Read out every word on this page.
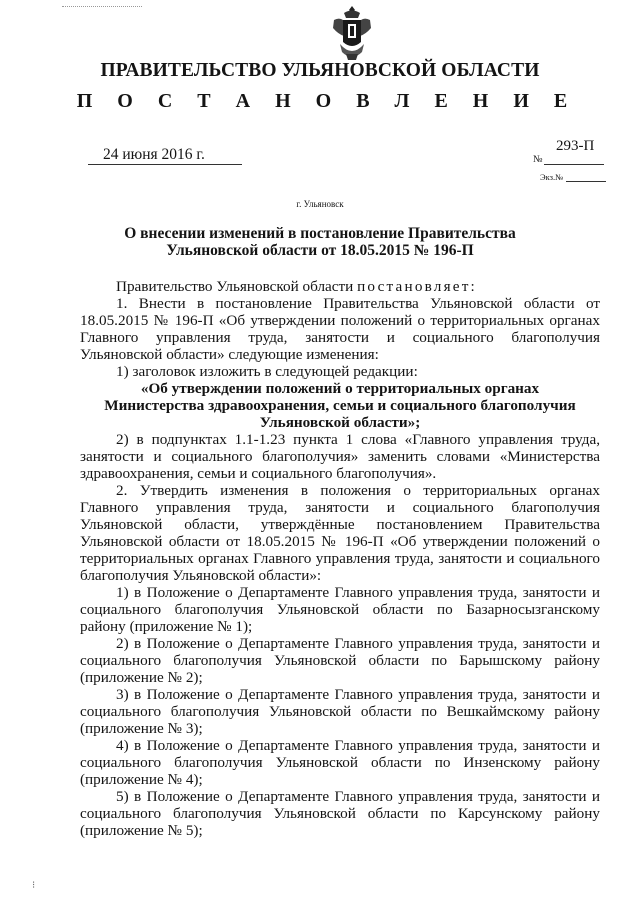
ПРАВИТЕЛЬСТВО УЛЬЯНОВСКОЙ ОБЛАСТИ
П О С Т А Н О В Л Е Н И Е
24 июня 2016 г.	293-П
№
Экз.№
г. Ульяновск
О внесении изменений в постановление Правительства
Ульяновской области от 18.05.2015 № 196-П

Правительство Ульяновской области постановляет:

1. Внести в постановление Правительства Ульяновской области от 18.05.2015 № 196-П «Об утверждении положений о территориальных органах Главного управления труда, занятости и социального благополучия Ульяновской области» следующие изменения:

1) заголовок изложить в следующей редакции:

«Об утверждении положений о территориальных органах

Министерства здравоохранения, семьи и социального благополучия

Ульяновской области»;

2) в подпунктах 1.1-1.23 пункта 1 слова «Главного управления труда, занятости и социального благополучия» заменить словами «Министерства здравоохранения, семьи и социального благополучия».

2. Утвердить изменения в положения о территориальных органах Главного управления труда, занятости и социального благополучия Ульяновской области, утверждённые постановлением Правительства Ульяновской области от 18.05.2015 № 196-П «Об утверждении положений о территориальных органах Главного управления труда, занятости и социального благополучия Ульяновской области»:

1) в Положение о Департаменте Главного управления труда, занятости и социального благополучия Ульяновской области по Базарносызганскому району (приложение № 1);

2) в Положение о Департаменте Главного управления труда, занятости и социального благополучия Ульяновской области по Барышскому району (приложение № 2);

3) в Положение о Департаменте Главного управления труда, занятости и социального благополучия Ульяновской области по Вешкаймскому району (приложение № 3);

4) в Положение о Департаменте Главного управления труда, занятости и социального благополучия Ульяновской области по Инзенскому району (приложение № 4);

5) в Положение о Департаменте Главного управления труда, занятости и социального благополучия Ульяновской области по Карсунскому району (приложение № 5);

⁝
